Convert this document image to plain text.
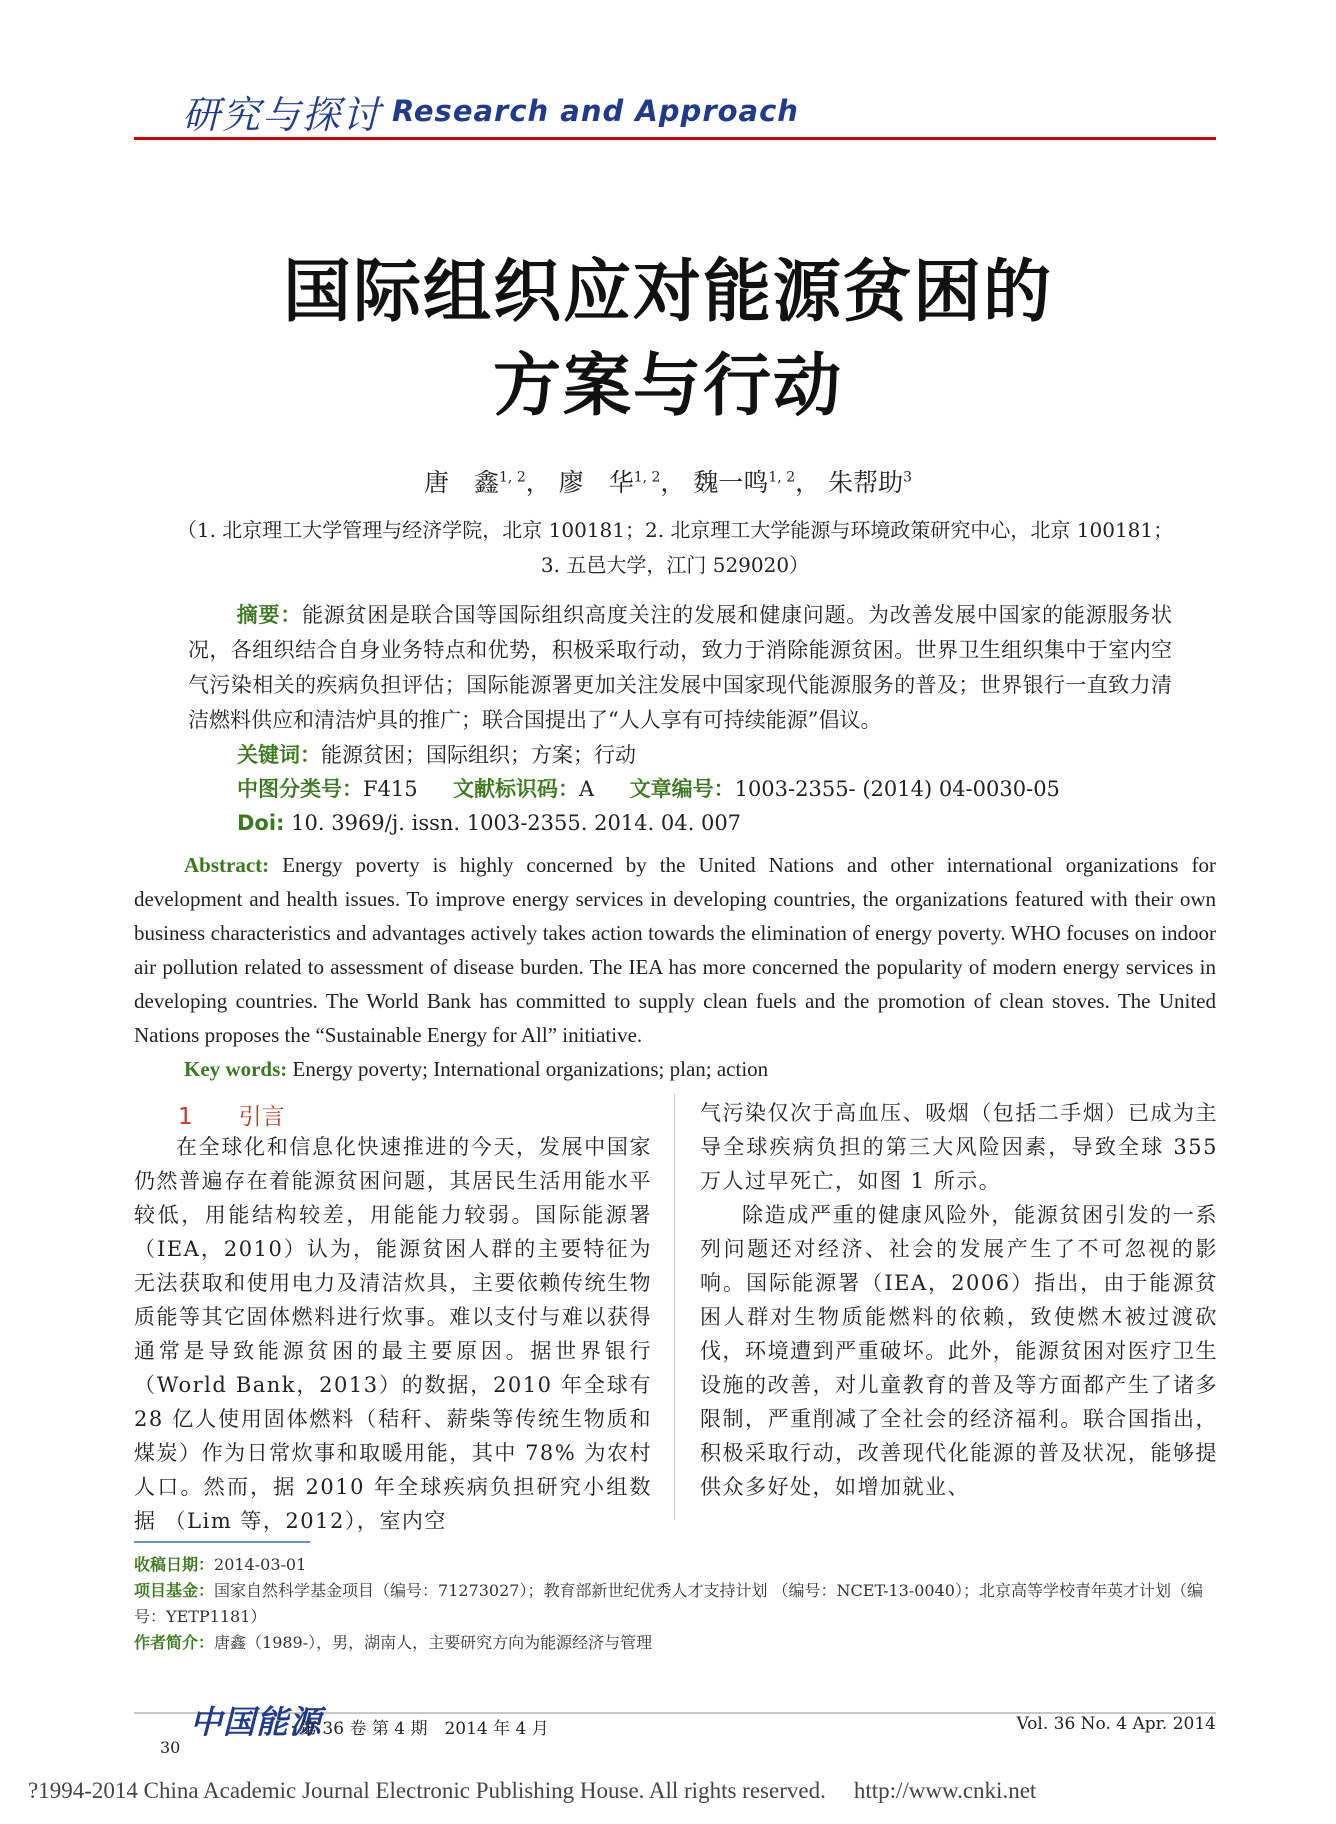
研究与探讨 Research and Approach
国际组织应对能源贫困的
方案与行动
唐　鑫$^{1, 2}$， 廖　华$^{1, 2}$， 魏一鸣$^{1, 2}$， 朱帮助$^3$
（1. 北京理工大学管理与经济学院，北京 100181；2. 北京理工大学能源与环境政策研究中心，北京 100181；
3. 五邑大学，江门 529020）
摘要：能源贫困是联合国等国际组织高度关注的发展和健康问题。为改善发展中国家的能源服务状况，各组织结合自身业务特点和优势，积极采取行动，致力于消除能源贫困。世界卫生组织集中于室内空气污染相关的疾病负担评估；国际能源署更加关注发展中国家现代能源服务的普及；世界银行一直致力清洁燃料供应和清洁炉具的推广；联合国提出了“人人享有可持续能源”倡议。
关键词：能源贫困；国际组织；方案；行动
中图分类号：F415 文献标识码：A 文章编号：1003-2355- (2014) 04-0030-05
Doi: 10. 3969/j. issn. 1003-2355. 2014. 04. 007
Abstract: Energy poverty is highly concerned by the United Nations and other international organizations for development and health issues. To improve energy services in developing countries, the organizations featured with their own business characteristics and advantages actively takes action towards the elimination of energy poverty. WHO focuses on indoor air pollution related to assessment of disease burden. The IEA has more concerned the popularity of modern energy services in developing countries. The World Bank has committed to supply clean fuels and the promotion of clean stoves. The United Nations proposes the “Sustainable Energy for All” initiative.
Key words: Energy poverty; International organizations; plan; action
1　　引言

在全球化和信息化快速推进的今天，发展中国家仍然普遍存在着能源贫困问题，其居民生活用能水平较低，用能结构较差，用能能力较弱。国际能源署（IEA，2010）认为，能源贫困人群的主要特征为无法获取和使用电力及清洁炊具，主要依赖传统生物质能等其它固体燃料进行炊事。难以支付与难以获得通常是导致能源贫困的最主要原因。据世界银行（World Bank，2013）的数据，2010 年全球有 28 亿人使用固体燃料（秸秆、薪柴等传统生物质和煤炭）作为日常炊事和取暖用能，其中 78% 为农村人口。然而，据 2010 年全球疾病负担研究小组数据 （Lim 等，2012），室内空

气污染仅次于高血压、吸烟（包括二手烟）已成为主导全球疾病负担的第三大风险因素，导致全球 355 万人过早死亡，如图 1 所示。

除造成严重的健康风险外，能源贫困引发的一系列问题还对经济、社会的发展产生了不可忽视的影响。国际能源署（IEA，2006）指出，由于能源贫困人群对生物质能燃料的依赖，致使燃木被过渡砍伐，环境遭到严重破坏。此外，能源贫困对医疗卫生设施的改善，对儿童教育的普及等方面都产生了诸多限制，严重削减了全社会的经济福利。联合国指出，积极采取行动，改善现代化能源的普及状况，能够提供众多好处，如增加就业、

收稿日期：2014-03-01
项目基金：国家自然科学基金项目（编号：71273027）；教育部新世纪优秀人才支持计划 （编号：NCET-13-0040）；北京高等学校青年英才计划（编号：YETP1181）
作者简介：唐鑫（1989-），男，湖南人，主要研究方向为能源经济与管理
中国能源
第 36 卷 第 4 期　2014 年 4 月	Vol. 36 No. 4 Apr. 2014
30
?1994-2014 China Academic Journal Electronic Publishing House. All rights reserved. http://www.cnki.net
